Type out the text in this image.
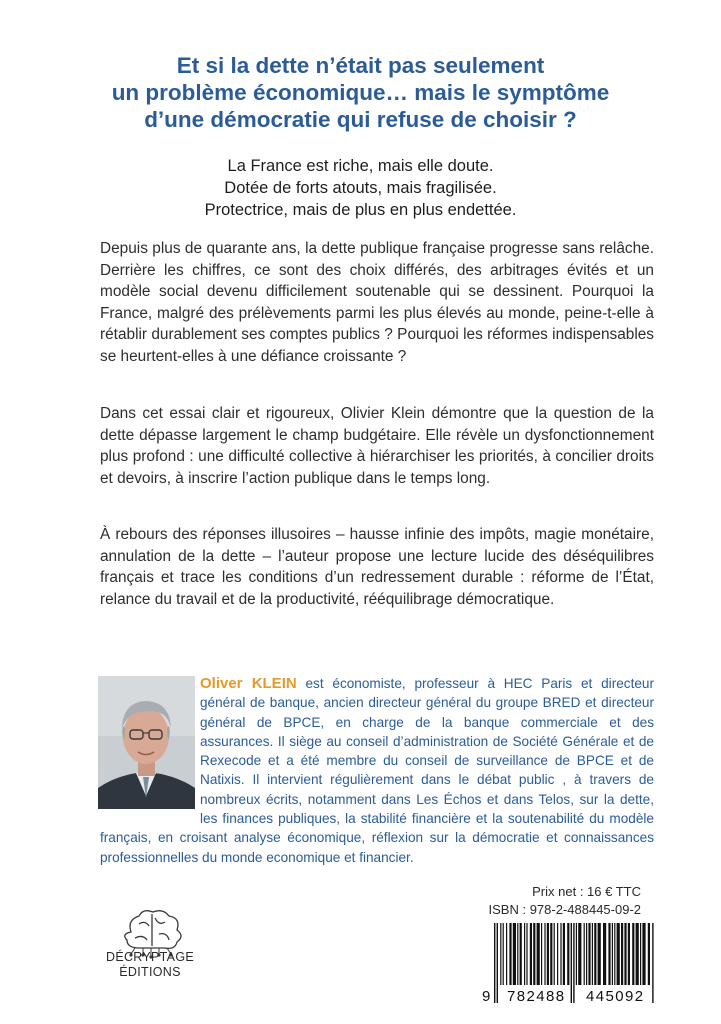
Et si la dette n’était pas seulement
un problème économique… mais le symptôme
d’une démocratie qui refuse de choisir ?
La France est riche, mais elle doute.
Dotée de forts atouts, mais fragilisée.
Protectrice, mais de plus en plus endettée.

Depuis plus de quarante ans, la dette publique française progresse sans relâche. Derrière les chiffres, ce sont des choix différés, des arbitrages évités et un modèle social devenu difficilement soutenable qui se dessinent. Pourquoi la France, malgré des prélèvements parmi les plus élevés au monde, peine-t-elle à rétablir durablement ses comptes publics ? Pourquoi les réformes indispensables se heurtent-elles à une défiance croissante ?

Dans cet essai clair et rigoureux, Olivier Klein démontre que la question de la dette dépasse largement le champ budgétaire. Elle révèle un dysfonctionnement plus profond : une difficulté collective à hiérarchiser les priorités, à concilier droits et devoirs, à inscrire l’action publique dans le temps long.

À rebours des réponses illusoires – hausse infinie des impôts, magie monétaire, annulation de la dette – l’auteur propose une lecture lucide des déséquilibres français et trace les conditions d’un redressement durable : réforme de l’État, relance du travail et de la productivité, rééquilibrage démocratique.

Oliver KLEIN est économiste, professeur à HEC Paris et directeur général de banque, ancien directeur général du groupe BRED et directeur général de BPCE, en charge de la banque commerciale et des assurances. Il siège au conseil d’administration de Société Générale et de Rexecode et a été membre du conseil de surveillance de BPCE et de Natixis. Il intervient régulièrement dans le débat public , à travers de nombreux écrits, notamment dans Les Échos et dans Telos, sur la dette, les finances publiques, la stabilité financière et la soutenabilité du modèle français, en croisant analyse économique, réflexion sur la démocratie et connaissances professionnelles du monde economique et financier.
DÉCRYPTAGE
ÉDITIONS
Prix net : 16 € TTC
ISBN : 978-2-488445-09-2
9 782488 445092
